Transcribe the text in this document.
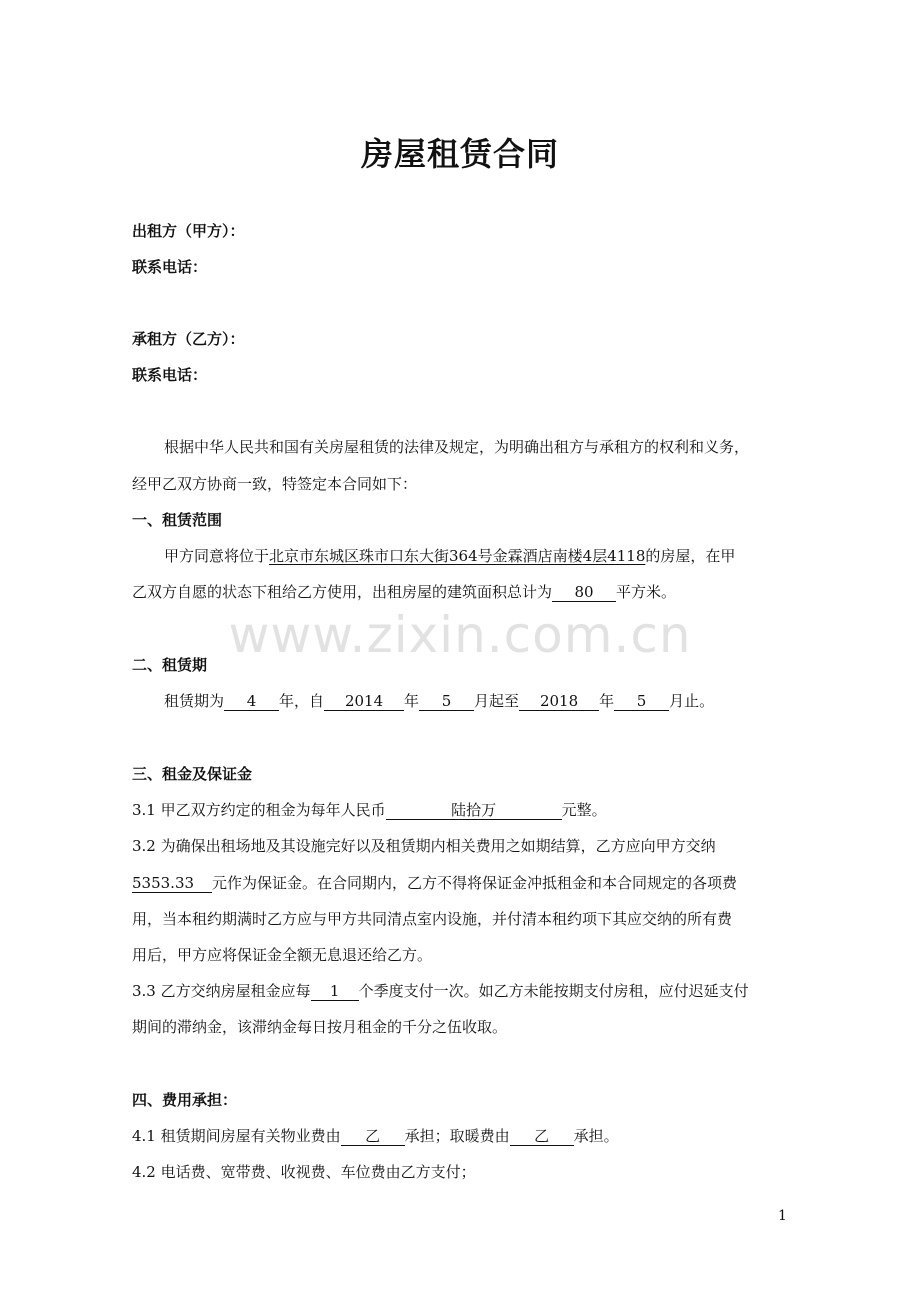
房屋租赁合同
出租方（甲方）：
联系电话：
承租方（乙方）：
联系电话：
根据中华人民共和国有关房屋租赁的法律及规定，为明确出租方与承租方的权利和义务，
经甲乙双方协商一致，特签定本合同如下：
一、租赁范围
甲方同意将位于北京市东城区珠市口东大街364号金霖酒店南楼4层4118的房屋，在甲
乙双方自愿的状态下租给乙方使用，出租房屋的建筑面积总计为 80 平方米。
www.zixin.com.cn
二、租赁期
租赁期为 4 年，自 2014 年 5 月起至 2018 年 5 月止。
三、租金及保证金
3.1 甲乙双方约定的租金为每年人民币	陆拾万	元整。
3.2 为确保出租场地及其设施完好以及租赁期内相关费用之如期结算，乙方应向甲方交纳
5353.33 元作为保证金。在合同期内，乙方不得将保证金冲抵租金和本合同规定的各项费
用，当本租约期满时乙方应与甲方共同清点室内设施，并付清本租约项下其应交纳的所有费
用后，甲方应将保证金全额无息退还给乙方。
3.3 乙方交纳房屋租金应每 1 个季度支付一次。如乙方未能按期支付房租，应付迟延支付
期间的滞纳金，该滞纳金每日按月租金的千分之伍收取。
四、费用承担：
4.1 租赁期间房屋有关物业费由 乙 承担；取暖费由 乙 承担。
4.2 电话费、宽带费、收视费、车位费由乙方支付；
1
